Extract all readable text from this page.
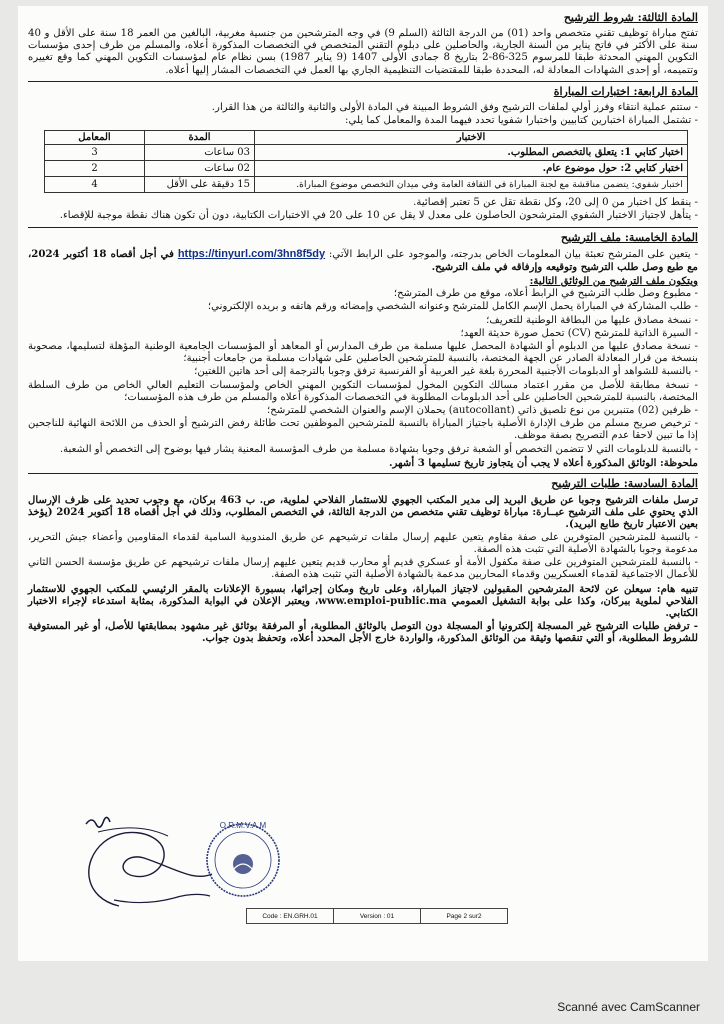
المادة الثالثة: شروط الترشيح
تفتح مباراة توظيف تقني متخصص واحد (01) من الدرجة الثالثة (السلم 9) في وجه المترشحين من جنسية مغربية، البالغين من العمر 18 سنة على الأقل و 40 سنة على الأكثر في فاتح يناير من السنة الجارية، والحاصلين على دبلوم التقني المتخصص في التخصصات المذكورة أعلاه، والمسلم من طرف إحدى مؤسسات التكوين المهني المحدثة طبقا للمرسوم 325-86-2 بتاريخ 8 جمادى الأولى 1407 (9 يناير 1987) بسن نظام عام لمؤسسات التكوين المهني كما وقع تغييره وتتميمه، أو إحدى الشهادات المعادلة له، المحددة طبقا للمقتضيات التنظيمية الجاري بها العمل في التخصصات المشار إليها أعلاه.
المادة الرابعة: اختبارات المباراة
- ستتم عملية انتقاء وفرز أولي لملفات الترشيح وفق الشروط المبينة في المادة الأولى والثانية والثالثة من هذا القرار.
- تشتمل المباراة اختبارين كتابيين واختبارا شفويا تحدد فيهما المدة والمعامل كما يلي:
الاختبار	المدة	المعامل
اختبار كتابي 1: يتعلق بالتخصص المطلوب.	03 ساعات	3
اختبار كتابي 2: حول موضوع عام.	02 ساعات	2
اختبار شفوي: يتضمن مناقشة مع لجنة المباراة في الثقافة العامة وفي ميدان التخصص موضوع المباراة.	15 دقيقة على الأقل	4
- ينقط كل اختبار من 0 إلى 20، وكل نقطة تقل عن 5 تعتبر إقصائية.
- يتأهل لاجتياز الاختبار الشفوي المترشحون الحاصلون على معدل لا يقل عن 10 على 20 في الاختبارات الكتابية، دون أن تكون هناك نقطة موجبة للإقصاء.
المادة الخامسة: ملف الترشيح
- يتعين على المترشح تعبئة بيان المعلومات الخاص بدرجته، والموجود على الرابط الآتي: https://tinyurl.com/3hn8f5dy في أجل أقصاه 18 أكتوبر 2024، مع طبع وصل طلب الترشيح وتوقيعه وإرفاقه في ملف الترشيح.
ويتكون ملف الترشيح من الوثائق التالية:
- مطبوع وصل طلب الترشيح في الرابط أعلاه، موقع من طرف المترشح؛
- طلب المشاركة في المباراة يحمل الإسم الكامل للمترشح وعنوانه الشخصي وإمضائه ورقم هاتفه و بريده الإلكتروني؛
- نسخة مصادق عليها من البطاقة الوطنية للتعريف؛
- السيرة الذاتية للمترشح (CV) تحمل صورة حديثة العهد؛
- نسخة مصادق عليها من الدبلوم أو الشهادة المحصل عليها مسلمة من طرف المدارس أو المعاهد أو المؤسسات الجامعية الوطنية المؤهلة لتسليمها، مصحوبة بنسخة من قرار المعادلة الصادر عن الجهة المختصة، بالنسبة للمترشحين الحاصلين على شهادات مسلمة من جامعات أجنبية؛
- بالنسبة للشواهد أو الدبلومات الأجنبية المحررة بلغة غير العربية أو الفرنسية ترفق وجوبا بالترجمة إلى أحد هاتين اللغتين؛
- نسخة مطابقة للأصل من مقرر اعتماد مسالك التكوين المخول لمؤسسات التكوين المهني الخاص ولمؤسسات التعليم العالي الخاص من طرف السلطة المختصة، بالنسبة للمترشحين الحاصلين على أحد الدبلومات المطلوبة في التخصصات المذكورة أعلاه والمسلم من طرف هذه المؤسسات؛
- ظرفين (02) متنبرين من نوع تلصيق ذاتي (autocollant) يحملان الإسم والعنوان الشخصي للمترشح؛
- ترخيص صريح مسلم من طرف الإدارة الأصلية باجتياز المباراة بالنسبة للمترشحين الموظفين تحت طائلة رفض الترشيح أو الحذف من اللائحة النهائية للناجحين إذا ما تبين لاحقا عدم التصريح بصفة موظف.
- بالنسبة للدبلومات التي لا تتضمن التخصص أو الشعبة ترفق وجوبا بشهادة مسلمة من طرف المؤسسة المعنية يشار فيها بوضوح إلى التخصص أو الشعبة.
ملحوظة: الوثائق المذكورة أعلاه لا يجب أن يتجاوز تاريخ تسليمها 3 أشهر.
المادة السادسة: طلبات الترشيح
ترسل ملفات الترشيح وجوبا عن طريق البريد إلى مدير المكتب الجهوي للاستثمار الفلاحي لملوية، ص. ب 463 بركان، مع وجوب تحديد على ظرف الإرسال الذي يحتوي على ملف الترشيح عبــارة: مباراة توظيف تقني متخصص من الدرجة الثالثة، في التخصص المطلوب، وذلك في أجل أقصاه 18 أكتوبر 2024 (يؤخذ بعين الاعتبار تاريخ طابع البريد).
- بالنسبة للمترشحين المتوفرين على صفة مقاوم يتعين عليهم إرسال ملفات ترشيحهم عن طريق المندوبية السامية لقدماء المقاومين وأعضاء جيش التحرير، مدعومة وجوبا بالشهادة الأصلية التي تثبت هذه الصفة.
- بالنسبة للمترشحين المتوفرين على صفة مكفول الأمة أو عسكري قديم أو محارب قديم يتعين عليهم إرسال ملفات ترشيحهم عن طريق مؤسسة الحسن الثاني للأعمال الاجتماعية لقدماء العسكريين وقدماء المحاربين مدعمة بالشهادة الأصلية التي تثبت هذه الصفة.
تنبيه هام: سيعلن عن لائحة المترشحين المقبولين لاجتياز المباراة، وعلى تاريخ ومكان إجرائها، بسبورة الإعلانات بالمقر الرئيسي للمكتب الجهوي للاستثمار الفلاحي لملوية ببركان، وكذا على بوابة التشغيل العمومي www.emploi-public.ma، ويعتبر الإعلان في البوابة المذكورة، بمثابة استدعاء لإجراء الاختبار الكتابي.
- ترفض طلبات الترشيح غير المسجلة إلكترونيا أو المسجلة دون التوصل بالوثائق المطلوبة، أو المرفقة بوثائق غير مشهود بمطابقتها للأصل، أو غير المستوفية للشروط المطلوبة، أو التي تنقصها وثيقة من الوثائق المذكورة، والواردة خارج الأجل المحدد أعلاه، وتحفظ بدون جواب.
O.R.M.V.A.M
Code : EN.GRH.01	Version : 01	Page 2 sur2
Scanné avec CamScanner
